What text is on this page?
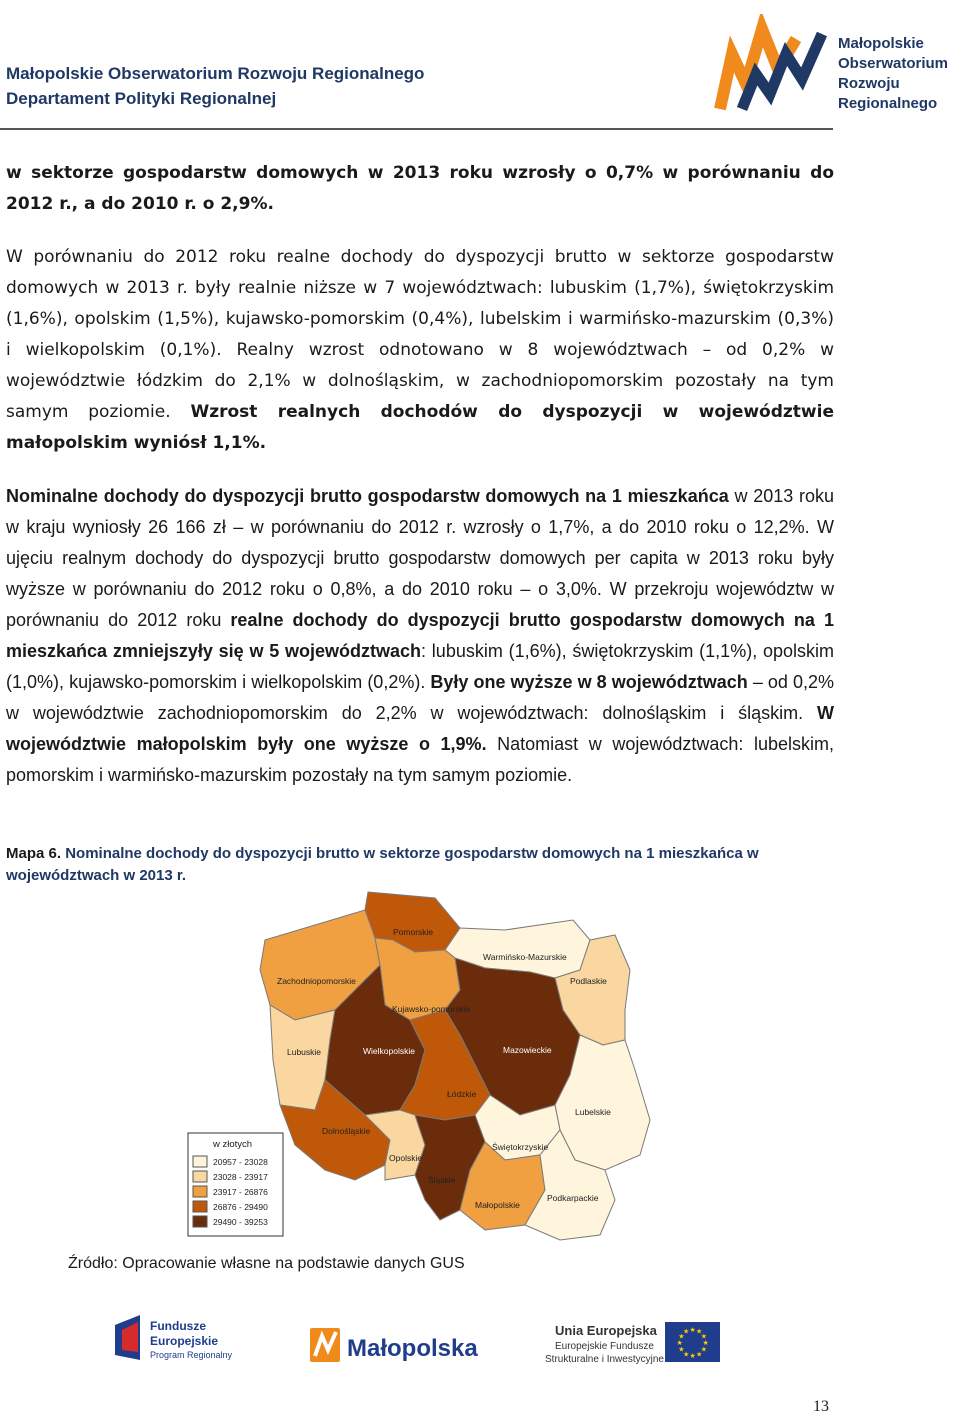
Małopolskie Obserwatorium Rozwoju Regionalnego
Departament Polityki Regionalnej
Małopolskie
Obserwatorium
Rozwoju Regionalnego
w sektorze gospodarstw domowych w 2013 roku wzrosły o 0,7% w porównaniu do 2012 r., a do 2010 r. o 2,9%.
W porównaniu do 2012 roku realne dochody do dyspozycji brutto w sektorze gospodarstw domowych w 2013 r. były realnie niższe w 7 województwach: lubuskim (1,7%), świętokrzyskim (1,6%), opolskim (1,5%), kujawsko-pomorskim (0,4%), lubelskim i warmińsko-mazurskim (0,3%) i wielkopolskim (0,1%). Realny wzrost odnotowano w 8 województwach – od 0,2% w województwie łódzkim do 2,1% w dolnośląskim, w zachodniopomorskim pozostały na tym samym poziomie. Wzrost realnych dochodów do dyspozycji w województwie małopolskim wyniósł 1,1%.
Nominalne dochody do dyspozycji brutto gospodarstw domowych na 1 mieszkańca w 2013 roku w kraju wyniosły 26 166 zł – w porównaniu do 2012 r. wzrosły o 1,7%, a do 2010 roku o 12,2%. W ujęciu realnym dochody do dyspozycji brutto gospodarstw domowych per capita w 2013 roku były wyższe w porównaniu do 2012 roku o 0,8%, a do 2010 roku – o 3,0%. W przekroju województw w porównaniu do 2012 roku realne dochody do dyspozycji brutto gospodarstw domowych na 1 mieszkańca zmniejszyły się w 5 województwach: lubuskim (1,6%), świętokrzyskim (1,1%), opolskim (1,0%), kujawsko-pomorskim i wielkopolskim (0,2%). Były one wyższe w 8 województwach – od 0,2% w województwie zachodniopomorskim do 2,2% w województwach: dolnośląskim i śląskim. W województwie małopolskim były one wyższe o 1,9%. Natomiast w województwach: lubelskim, pomorskim i warmińsko-mazurskim pozostały na tym samym poziomie.
Mapa 6. Nominalne dochody do dyspozycji brutto w sektorze gospodarstw domowych na 1 mieszkańca w województwach w 2013 r.
Pomorskie
Warmińsko-Mazurskie
Podlaskie
Zachodniopomorskie
Kujawsko-pomorskie
Lubuskie	Wielkopolskie	Mazowieckie
Łódzkie
Lubelskie
Dolnośląskie
Opolskie
Świętokrzyskie
Śląskie
Małopolskie
Podkarpackie
w złotych
20957 - 23028
23028 - 23917
23917 - 26876
26876 - 29490
29490 - 39253
Źródło: Opracowanie własne na podstawie danych GUS
Fundusze
Europejskie
Program Regionalny	Małopolska
Unia Europejska
Europejskie Fundusze
Strukturalne i Inwestycyjne
★
★
★
★
★
★
★
★
★ ★ ★
★
13
